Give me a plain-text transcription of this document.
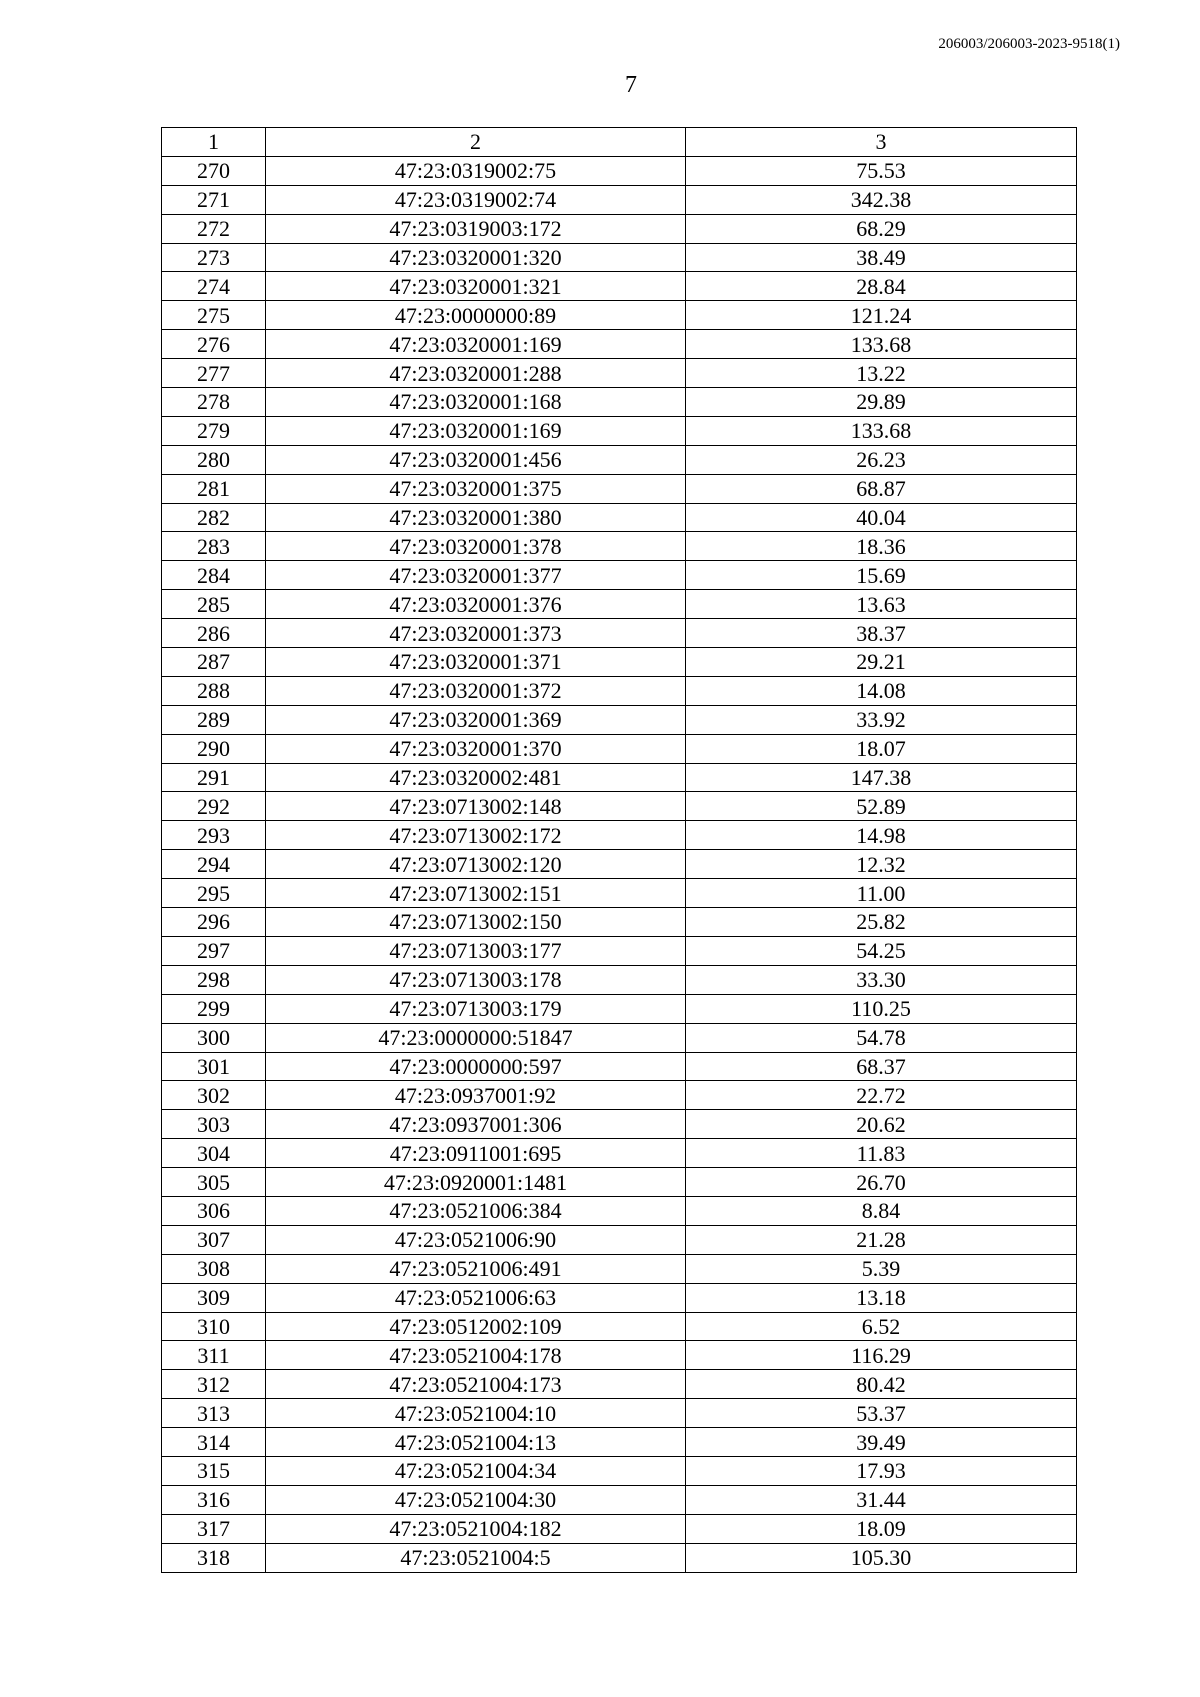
206003/206003-2023-9518(1)
7
1	2	3
270	47:23:0319002:75	75.53
271	47:23:0319002:74	342.38
272	47:23:0319003:172	68.29
273	47:23:0320001:320	38.49
274	47:23:0320001:321	28.84
275	47:23:0000000:89	121.24
276	47:23:0320001:169	133.68
277	47:23:0320001:288	13.22
278	47:23:0320001:168	29.89
279	47:23:0320001:169	133.68
280	47:23:0320001:456	26.23
281	47:23:0320001:375	68.87
282	47:23:0320001:380	40.04
283	47:23:0320001:378	18.36
284	47:23:0320001:377	15.69
285	47:23:0320001:376	13.63
286	47:23:0320001:373	38.37
287	47:23:0320001:371	29.21
288	47:23:0320001:372	14.08
289	47:23:0320001:369	33.92
290	47:23:0320001:370	18.07
291	47:23:0320002:481	147.38
292	47:23:0713002:148	52.89
293	47:23:0713002:172	14.98
294	47:23:0713002:120	12.32
295	47:23:0713002:151	11.00
296	47:23:0713002:150	25.82
297	47:23:0713003:177	54.25
298	47:23:0713003:178	33.30
299	47:23:0713003:179	110.25
300	47:23:0000000:51847	54.78
301	47:23:0000000:597	68.37
302	47:23:0937001:92	22.72
303	47:23:0937001:306	20.62
304	47:23:0911001:695	11.83
305	47:23:0920001:1481	26.70
306	47:23:0521006:384	8.84
307	47:23:0521006:90	21.28
308	47:23:0521006:491	5.39
309	47:23:0521006:63	13.18
310	47:23:0512002:109	6.52
311	47:23:0521004:178	116.29
312	47:23:0521004:173	80.42
313	47:23:0521004:10	53.37
314	47:23:0521004:13	39.49
315	47:23:0521004:34	17.93
316	47:23:0521004:30	31.44
317	47:23:0521004:182	18.09
318	47:23:0521004:5	105.30
